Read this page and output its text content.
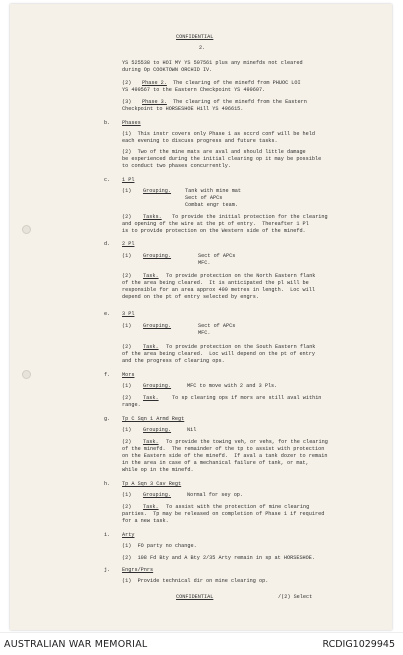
CONFIDENTIAL
2.
YS 525538 to HOI MY YS 507561 plus any minefds not cleared
during Op COOKTOWN ORCHID IV.
(2) Phase 2. The clearing of the minefd from PHUOC LOI
YS 499567 to the Eastern Checkpoint YS 499607.
(3) Phase 3. The clearing of the minefd from the Eastern
Checkpoint to HORSESHOE Hill YS 496615.
b. Phases
(1)  This instr covers only Phase 1 as sccrd conf will be held
each evening to discuss progress and future tasks.
(2)  Two of the mine mats are aval and should little damage
be experienced during the initial clearing op it may be possible
to conduct two phases concurrently.
c. 1 Pl
(1) Grouping.	Tank with mine mat
Sect of APCs
Combat engr team.
(2) Tasks. To provide the initial protection for the clearing
and opening of the wire at the pt of entry.  Thereafter 1 Pl
is to provide protection on the Western side of the minefd.
d. 2 Pl
(1) Grouping.	Sect of APCs
MFC.
(2) Task. To provide protection on the North Eastern flank
of the area being cleared.  It is anticipated the pl will be
responsible for an area approx 400 metres in length.  Loc will
depend on the pt of entry selected by engrs.
e. 3 Pl
(1) Grouping.	Sect of APCs
MFC.
(2) Task. To provide protection on the South Eastern flank
of the area being cleared.  Loc will depend on the pt of entry
and the progress of clearing ops.
f. Mors
(1) Grouping.	MFC to move with 2 and 3 Pls.
(2) Task.	To sp clearing ops if mors are still aval within
range.
g. Tp C Sqn 1 Armd Regt
(1) Grouping.	Nil
(2) Task. To provide the towing veh, or vehs, for the clearing
of the minefd.  The remainder of the tp to assist with protection
on the Eastern side of the minefd.  If aval a tank dozer to remain
in the area in case of a mechanical failure of tank, or mat,
while op in the minefd.
h. Tp A Sqn 3 Cav Regt
(1) Grouping.	Normal for sey op.
(2) Task. To assist with the protection of mine clearing
parties.  Tp may be released on completion of Phase 1 if required
for a new task.
i. Arty
(1)  FO party no change.
(2)  108 Fd Bty and A Bty 2/35 Arty remain in sp at HORSESHOE.
j. Engrs/Pnrs
(1)  Provide technical dir on mine clearing op.
CONFIDENTIAL	/(2) Select
AUSTRALIAN WAR MEMORIAL	RCDIG1029945
